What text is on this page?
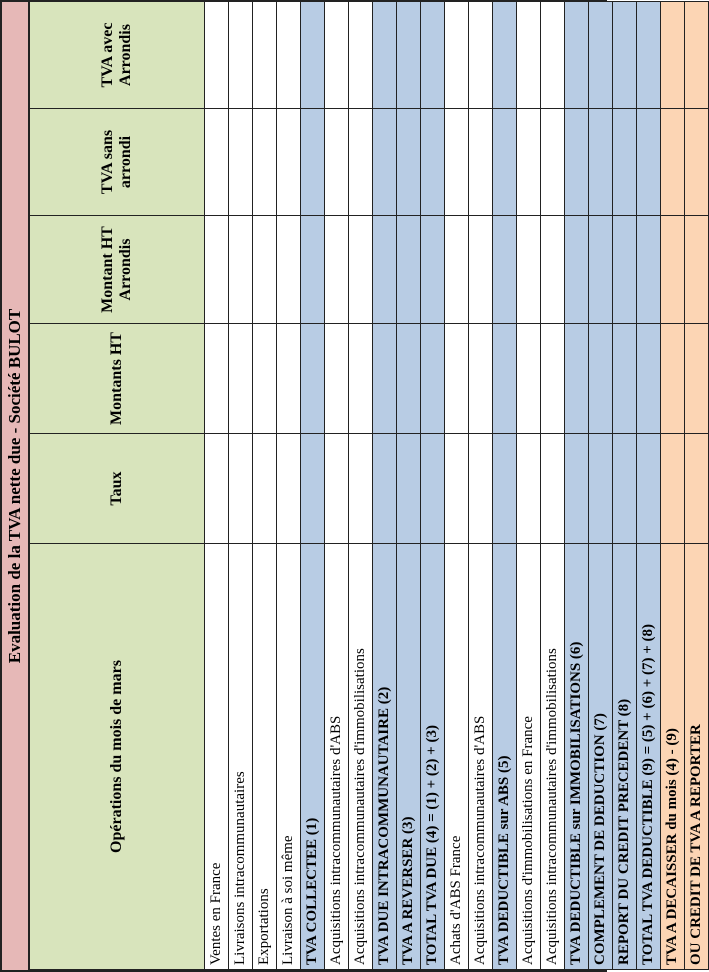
Evaluation de la TVA nette due - Société BULOT
Opérations du mois de mars	Taux	Montants HT	Montant HT Arrondis	TVA sans arrondi	TVA avec Arrondis
Ventes en France					
Livraisons intracommunautaires					
Exportations					
Livraison à soi même					
TVA COLLECTEE (1)					
Acquisitions intracommunautaires d'ABS					
Acquisitions intracommunautaires d'immobilisations					
TVA DUE INTRACOMMUNAUTAIRE (2)					
TVA A REVERSER (3)					
TOTAL TVA DUE (4) = (1) + (2) + (3)					
Achats d'ABS France					
Acquisitions intracommunautaires d'ABS					
TVA DEDUCTIBLE sur ABS (5)					
Acquisitions d'immobilisations en France					
Acquisitions intracommunautaires d'immobilisations					
TVA DEDUCTIBLE sur IMMOBILISATIONS (6)					
COMPLEMENT DE DEDUCTION (7)					
REPORT DU CREDIT PRECEDENT (8)					
TOTAL TVA DEDUCTIBLE (9) = (5) + (6) + (7) + (8)					
TVA A DECAISSER du mois (4) - (9)					
OU CREDIT DE TVA A REPORTER					
